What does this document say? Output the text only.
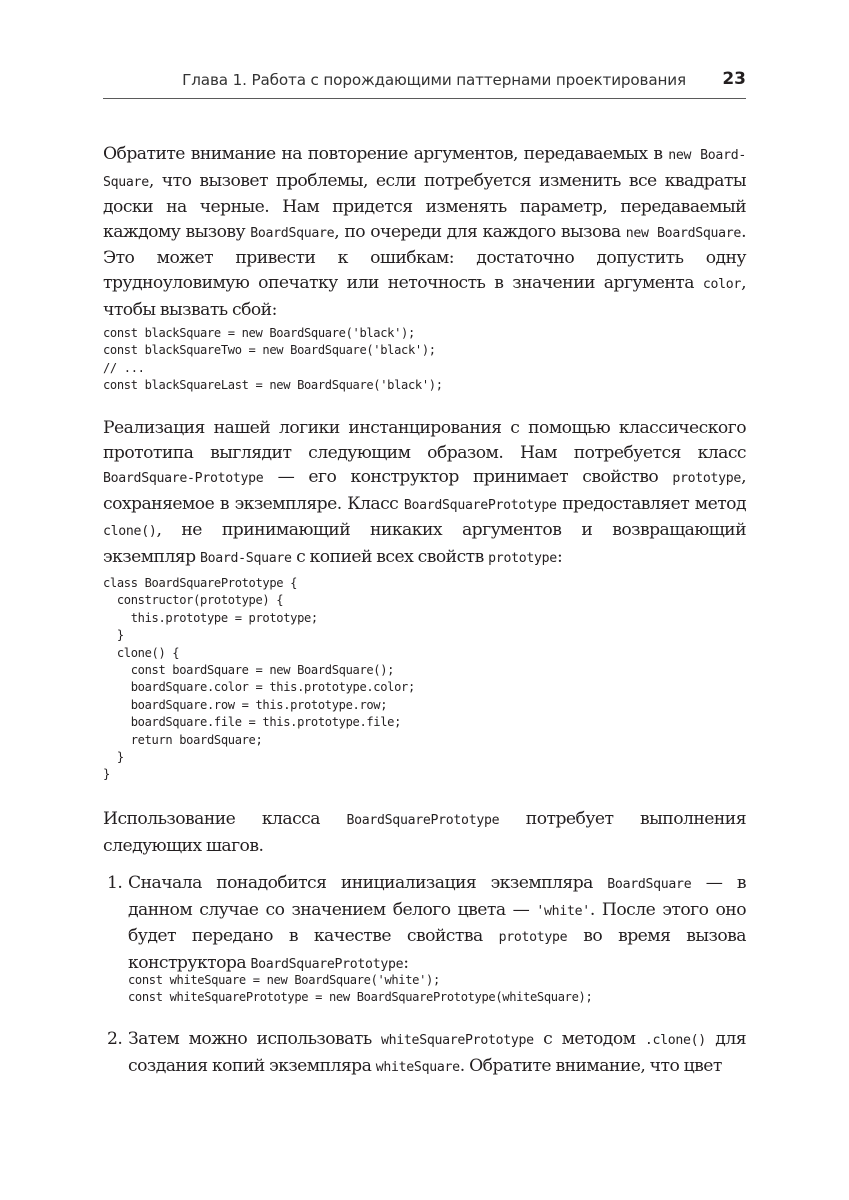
Глава 1. Работа с порождающими паттернами проектирования 23

Обратите внимание на повторение аргументов, передаваемых в new Board-Square, что вызовет проблемы, если потребуется изменить все квадраты доски на черные. Нам придется изменять параметр, передаваемый каждому вызову BoardSquare, по очереди для каждого вызова new BoardSquare. Это может привести к ошибкам: достаточно допустить одну трудноуловимую опечатку или неточность в значении аргумента color, чтобы вызвать сбой:

const blackSquare = new BoardSquare('black');
const blackSquareTwo = new BoardSquare('black');
// ...
const blackSquareLast = new BoardSquare('black');

Реализация нашей логики инстанцирования с помощью классического прототипа выглядит следующим образом. Нам потребуется класс BoardSquare-Prototype — его конструктор принимает свойство prototype, сохраняемое в экземпляре. Класс BoardSquarePrototype предоставляет метод clone(), не принимающий никаких аргументов и возвращающий экземпляр Board-Square с копией всех свойств prototype:

class BoardSquarePrototype {
constructor(prototype) {
this.prototype = prototype;
}
clone() {
const boardSquare = new BoardSquare();
boardSquare.color = this.prototype.color;
boardSquare.row = this.prototype.row;
boardSquare.file = this.prototype.file;
return boardSquare;
}
}

Использование класса BoardSquarePrototype потребует выполнения следующих шагов.

1. Сначала понадобится инициализация экземпляра BoardSquare — в данном случае со значением белого цвета — 'white'. После этого оно будет передано в качестве свойства prototype во время вызова конструктора BoardSquarePrototype:

const whiteSquare = new BoardSquare('white');
const whiteSquarePrototype = new BoardSquarePrototype(whiteSquare);
2. Затем можно использовать whiteSquarePrototype с методом .clone() для создания копий экземпляра whiteSquare. Обратите внимание, что цвет
